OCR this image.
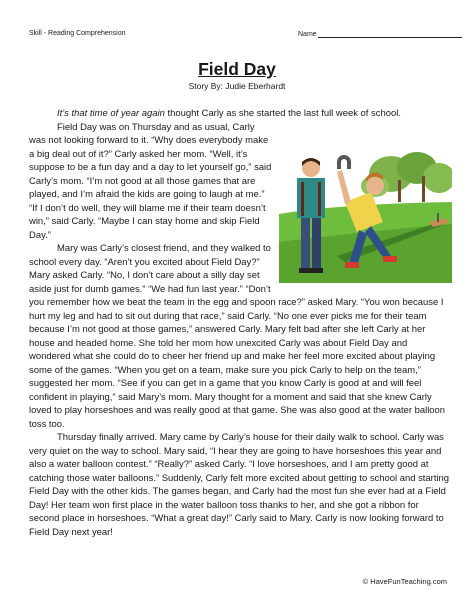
Skill - Reading Comprehension	Name
Field Day
Story By: Judie Eberhardt

It’s that time of year again thought Carly as she started the last full week of school.

Field Day was on Thursday and as usual, Carly was not looking forward to it. “Why does everybody make a big deal out of it?” Carly asked her mom. “Well, it’s suppose to be a fun day and a day to let yourself go,” said Carly’s mom. “I’m not good at all those games that are played, and I’m afraid the kids are going to laugh at me.” “If I don’t do well, they will blame me if their team doesn’t win,” said Carly. “Maybe I can stay home and skip Field Day.”

Mary was Carly’s closest friend, and they walked to school every day. “Aren’t you excited about Field Day?” Mary asked Carly. “No, I don’t care about a silly day set aside just for dumb games.” “We had fun last year.” “Don’t you remember how we beat the team in the egg and spoon race?” asked Mary. “You won because I hurt my leg and had to sit out during that race,” said Carly. “No one ever picks me for their team because I’m not good at those games,” answered Carly. Mary felt bad after she left Carly at her house and headed home. She told her mom how unexcited Carly was about Field Day and wondered what she could do to cheer her friend up and make her feel more excited about playing some of the games. “When you get on a team, make sure you pick Carly to help on the team,” suggested her mom. “See if you can get in a game that you know Carly is good at and will feel confident in playing,” said Mary’s mom. Mary thought for a moment and said that she knew Carly loved to play horseshoes and was really good at that game. She was also good at the water balloon toss too.

Thursday finally arrived. Mary came by Carly’s house for their daily walk to school. Carly was very quiet on the way to school. Mary said, “I hear they are going to have horseshoes this year and also a water balloon contest.” “Really?” asked Carly. “I love horseshoes, and I am pretty good at catching those water balloons.” Suddenly, Carly felt more excited about getting to school and starting Field Day with the other kids. The games began, and Carly had the most fun she ever had at a Field Day! Her team won first place in the water balloon toss thanks to her, and she got a ribbon for second place in horseshoes. “What a great day!” Carly said to Mary. Carly is now looking forward to Field Day next year!

© HaveFunTeaching.com
